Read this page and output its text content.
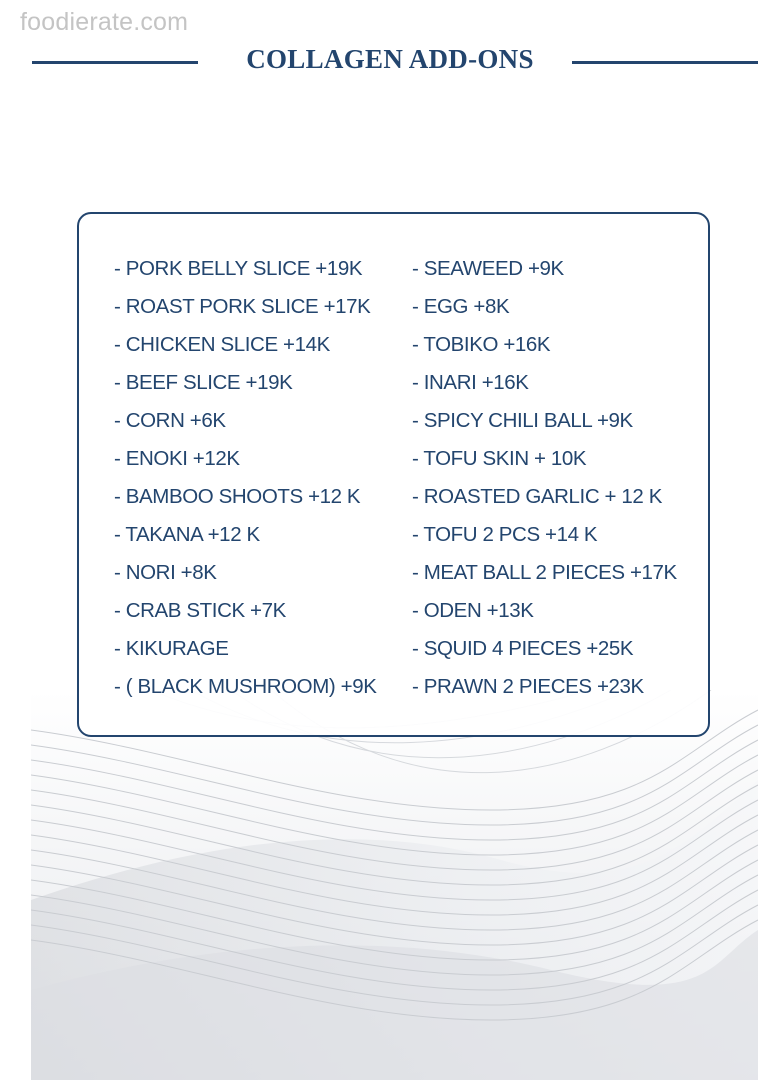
foodierate.com
COLLAGEN ADD-ONS
- PORK BELLY SLICE +19K
- ROAST PORK SLICE +17K
- CHICKEN SLICE +14K
- BEEF SLICE +19K
- CORN +6K
- ENOKI +12K
- BAMBOO SHOOTS +12 K
- TAKANA +12 K
- NORI +8K
- CRAB STICK +7K
- KIKURAGE
- ( BLACK MUSHROOM) +9K
- SEAWEED +9K
- EGG +8K
- TOBIKO +16K
- INARI +16K
- SPICY CHILI BALL +9K
- TOFU SKIN + 10K
- ROASTED GARLIC + 12 K
- TOFU 2 PCS +14 K
- MEAT BALL 2 PIECES +17K
- ODEN +13K
- SQUID 4 PIECES +25K
- PRAWN 2 PIECES +23K
